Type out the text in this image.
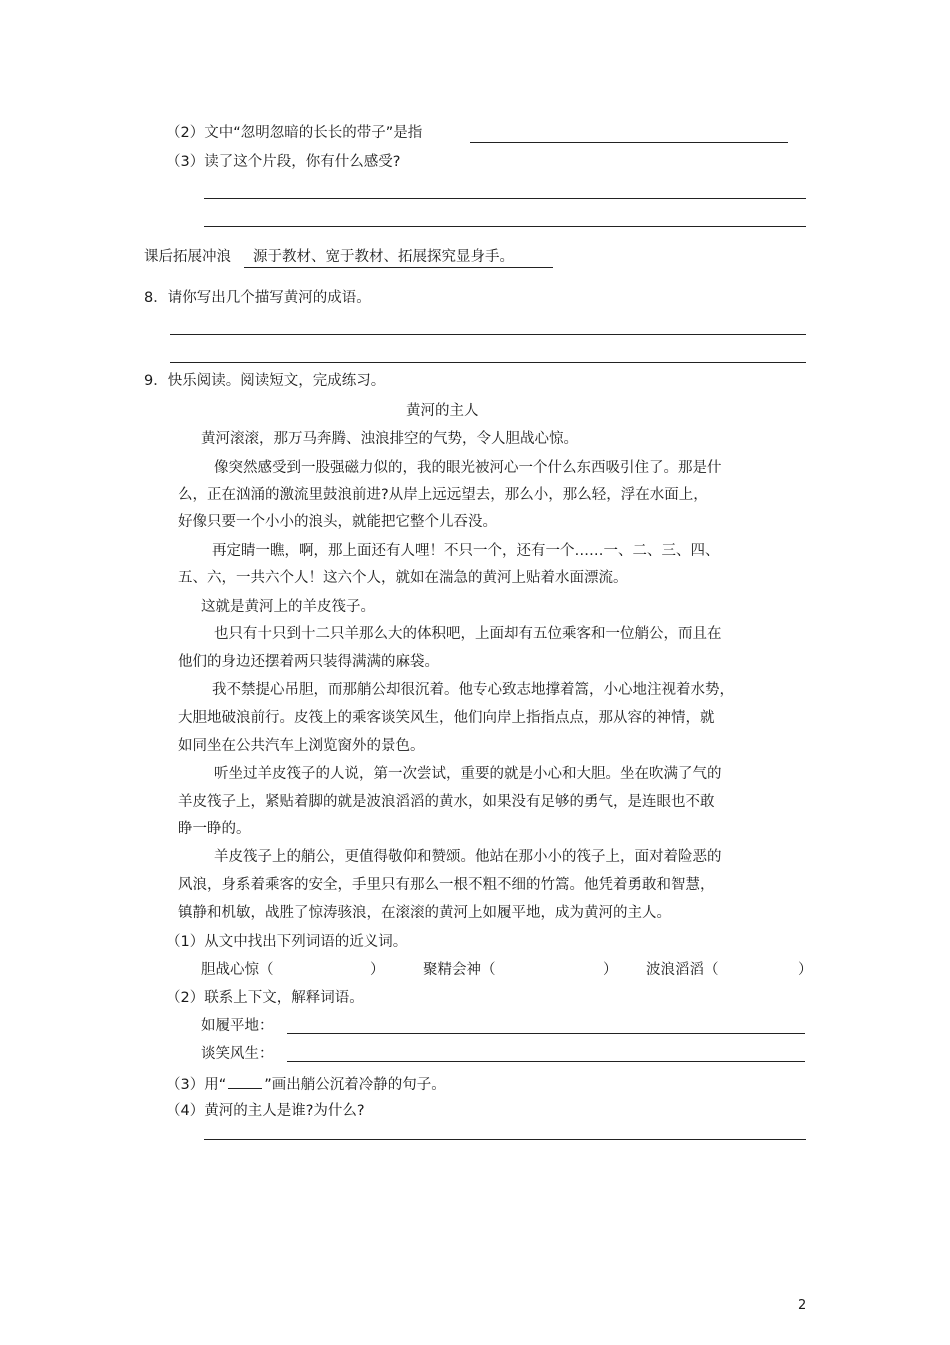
（2）文中“忽明忽暗的长长的带子”是指
（3）读了这个片段，你有什么感受?
课后拓展冲浪 源于教材、宽于教材、拓展探究显身手。
8．请你写出几个描写黄河的成语。
9．快乐阅读。阅读短文，完成练习。
黄河的主人
黄河滚滚，那万马奔腾、浊浪排空的气势，令人胆战心惊。
像突然感受到一股强磁力似的，我的眼光被河心一个什么东西吸引住了。那是什
么，正在汹涌的激流里鼓浪前进?从岸上远远望去，那么小，那么轻，浮在水面上，
好像只要一个小小的浪头，就能把它整个儿吞没。
再定睛一瞧，啊，那上面还有人哩！不只一个，还有一个……一、二、三、四、
五、六，一共六个人！这六个人，就如在湍急的黄河上贴着水面漂流。
这就是黄河上的羊皮筏子。
也只有十只到十二只羊那么大的体积吧，上面却有五位乘客和一位艄公，而且在
他们的身边还摆着两只装得满满的麻袋。
我不禁提心吊胆，而那艄公却很沉着。他专心致志地撑着篙，小心地注视着水势，
大胆地破浪前行。皮筏上的乘客谈笑风生，他们向岸上指指点点，那从容的神情，就
如同坐在公共汽车上浏览窗外的景色。
听坐过羊皮筏子的人说，第一次尝试，重要的就是小心和大胆。坐在吹满了气的
羊皮筏子上，紧贴着脚的就是波浪滔滔的黄水，如果没有足够的勇气，是连眼也不敢
睁一睁的。
羊皮筏子上的艄公，更值得敬仰和赞颂。他站在那小小的筏子上，面对着险恶的
风浪，身系着乘客的安全，手里只有那么一根不粗不细的竹篙。他凭着勇敢和智慧，
镇静和机敏，战胜了惊涛骇浪，在滚滚的黄河上如履平地，成为黄河的主人。
（1）从文中找出下列词语的近义词。
胆战心惊（	）	聚精会神（	） 波浪滔滔（	）
（2）联系上下文，解释词语。
如履平地：
谈笑风生：
（3）用“	”画出艄公沉着冷静的句子。
（4）黄河的主人是谁?为什么?
2
